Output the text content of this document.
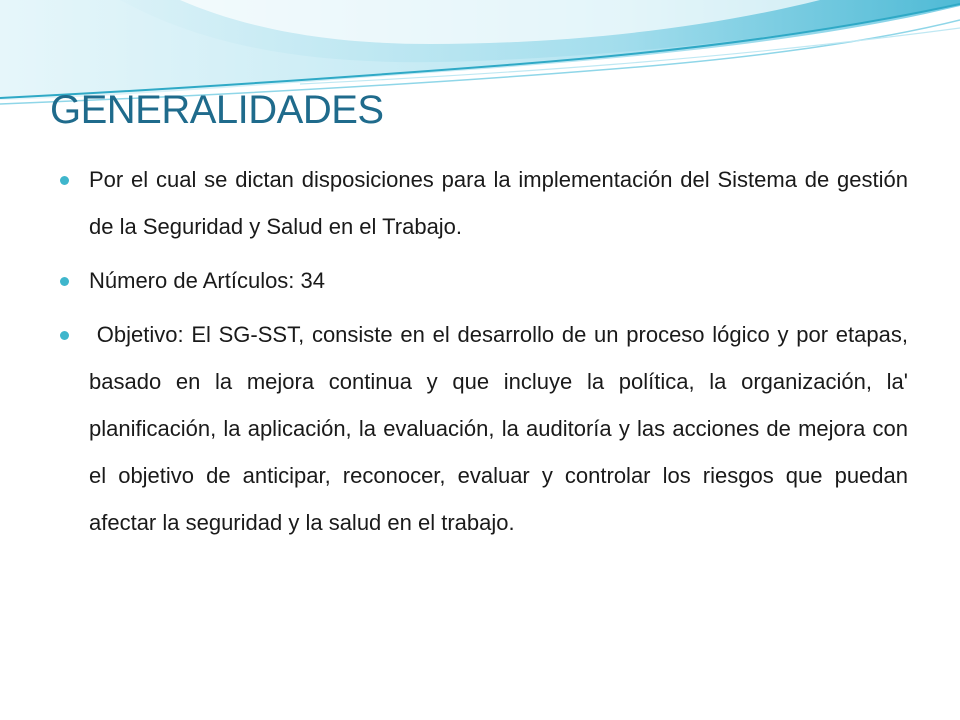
GENERALIDADES
Por el cual se dictan disposiciones para la implementación del Sistema de gestión de la Seguridad y Salud en el Trabajo.
Número de Artículos: 34
Objetivo: El SG-SST, consiste en el desarrollo de un proceso lógico y por etapas, basado en la mejora continua y que incluye la política, la organización, la' planificación, la aplicación, la evaluación, la auditoría y las acciones de mejora con el objetivo de anticipar, reconocer, evaluar y controlar los riesgos que puedan afectar la seguridad y la salud en el trabajo.
